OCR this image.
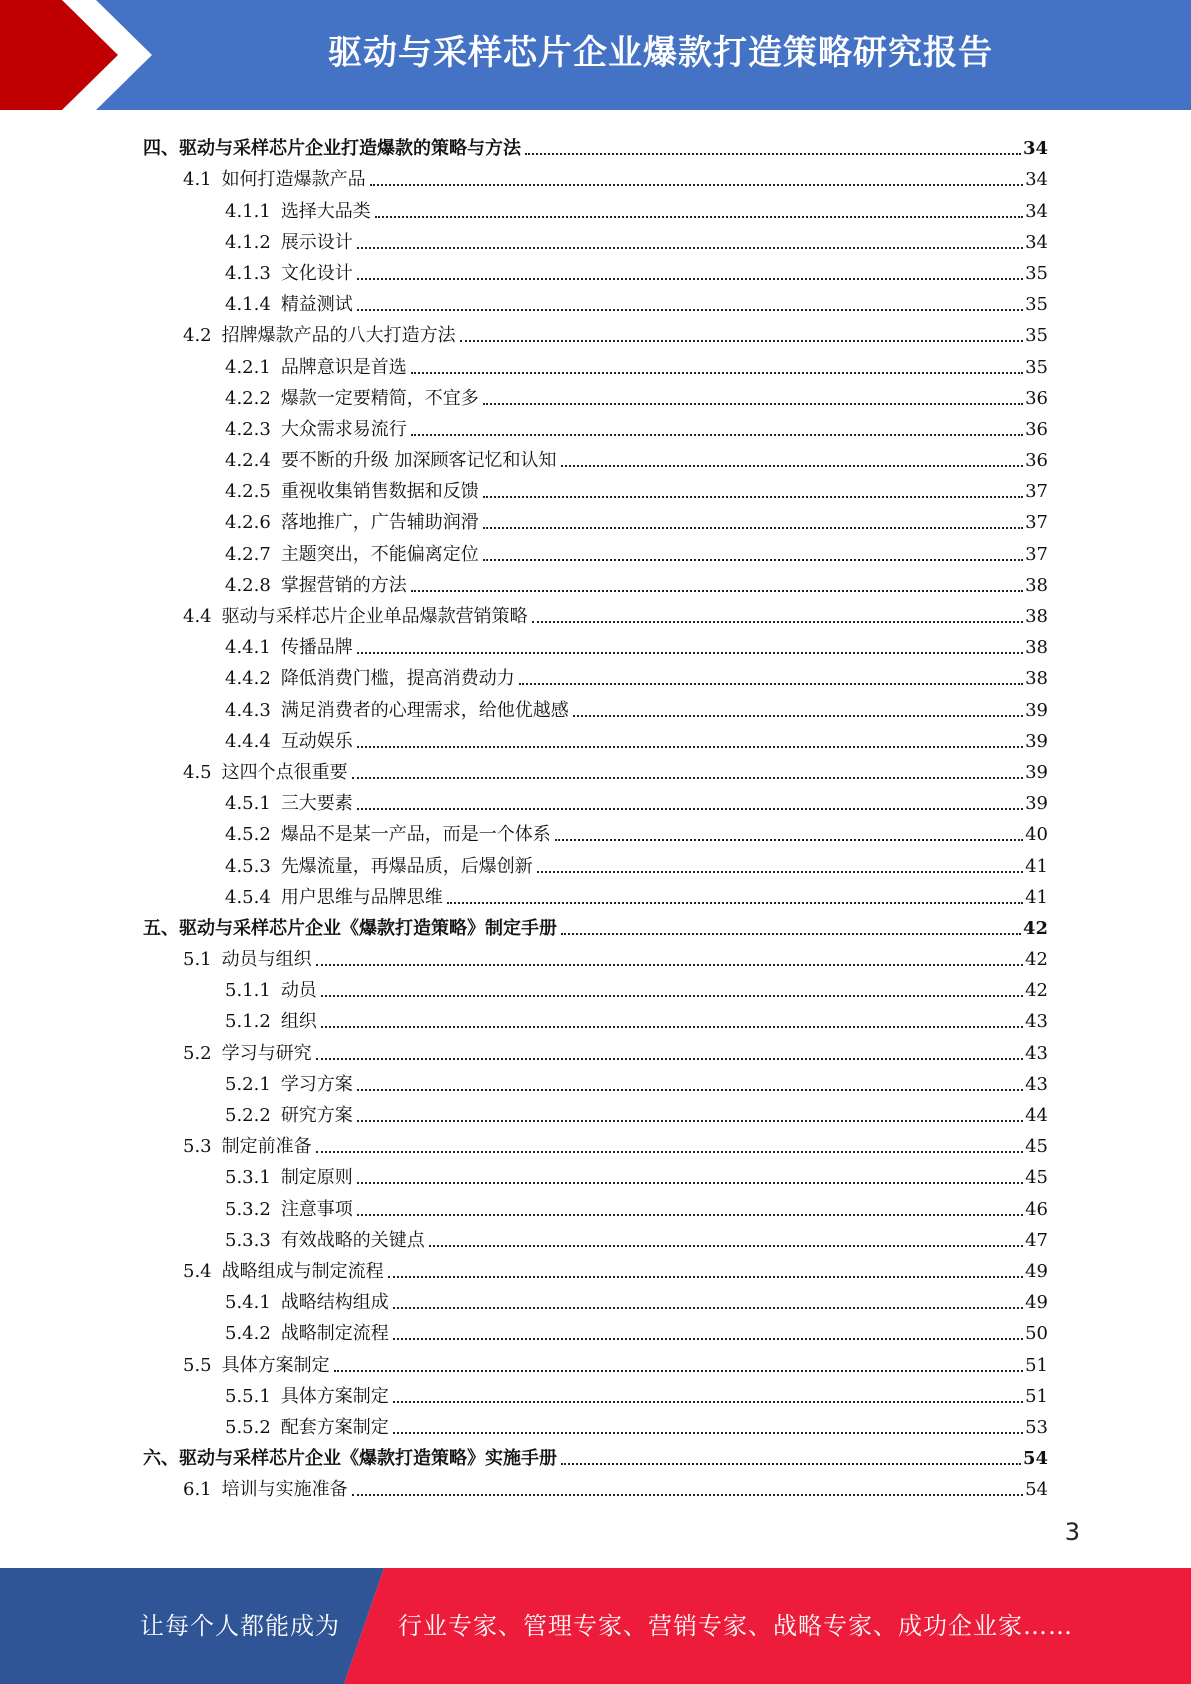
驱动与采样芯片企业爆款打造策略研究报告
四、驱动与采样芯片企业打造爆款的策略与方法	34
4.1 如何打造爆款产品	34
4.1.1 选择大品类	34
4.1.2 展示设计	34
4.1.3 文化设计	35
4.1.4 精益测试	35
4.2 招牌爆款产品的八大打造方法	35
4.2.1 品牌意识是首选	35
4.2.2 爆款一定要精简，不宜多	36
4.2.3 大众需求易流行	36
4.2.4 要不断的升级 加深顾客记忆和认知	36
4.2.5 重视收集销售数据和反馈	37
4.2.6 落地推广，广告辅助润滑	37
4.2.7 主题突出，不能偏离定位	37
4.2.8 掌握营销的方法	38
4.4 驱动与采样芯片企业单品爆款营销策略	38
4.4.1 传播品牌	38
4.4.2 降低消费门槛，提高消费动力	38
4.4.3 满足消费者的心理需求，给他优越感	39
4.4.4 互动娱乐	39
4.5 这四个点很重要	39
4.5.1 三大要素	39
4.5.2 爆品不是某一产品，而是一个体系	40
4.5.3 先爆流量，再爆品质，后爆创新	41
4.5.4 用户思维与品牌思维	41
五、驱动与采样芯片企业《爆款打造策略》制定手册	42
5.1 动员与组织	42
5.1.1 动员	42
5.1.2 组织	43
5.2 学习与研究	43
5.2.1 学习方案	43
5.2.2 研究方案	44
5.3 制定前准备	45
5.3.1 制定原则	45
5.3.2 注意事项	46
5.3.3 有效战略的关键点	47
5.4 战略组成与制定流程	49
5.4.1 战略结构组成	49
5.4.2 战略制定流程	50
5.5 具体方案制定	51
5.5.1 具体方案制定	51
5.5.2 配套方案制定	53
六、驱动与采样芯片企业《爆款打造策略》实施手册	54
6.1 培训与实施准备	54
3
让每个人都能成为 行业专家、管理专家、营销专家、战略专家、成功企业家……
